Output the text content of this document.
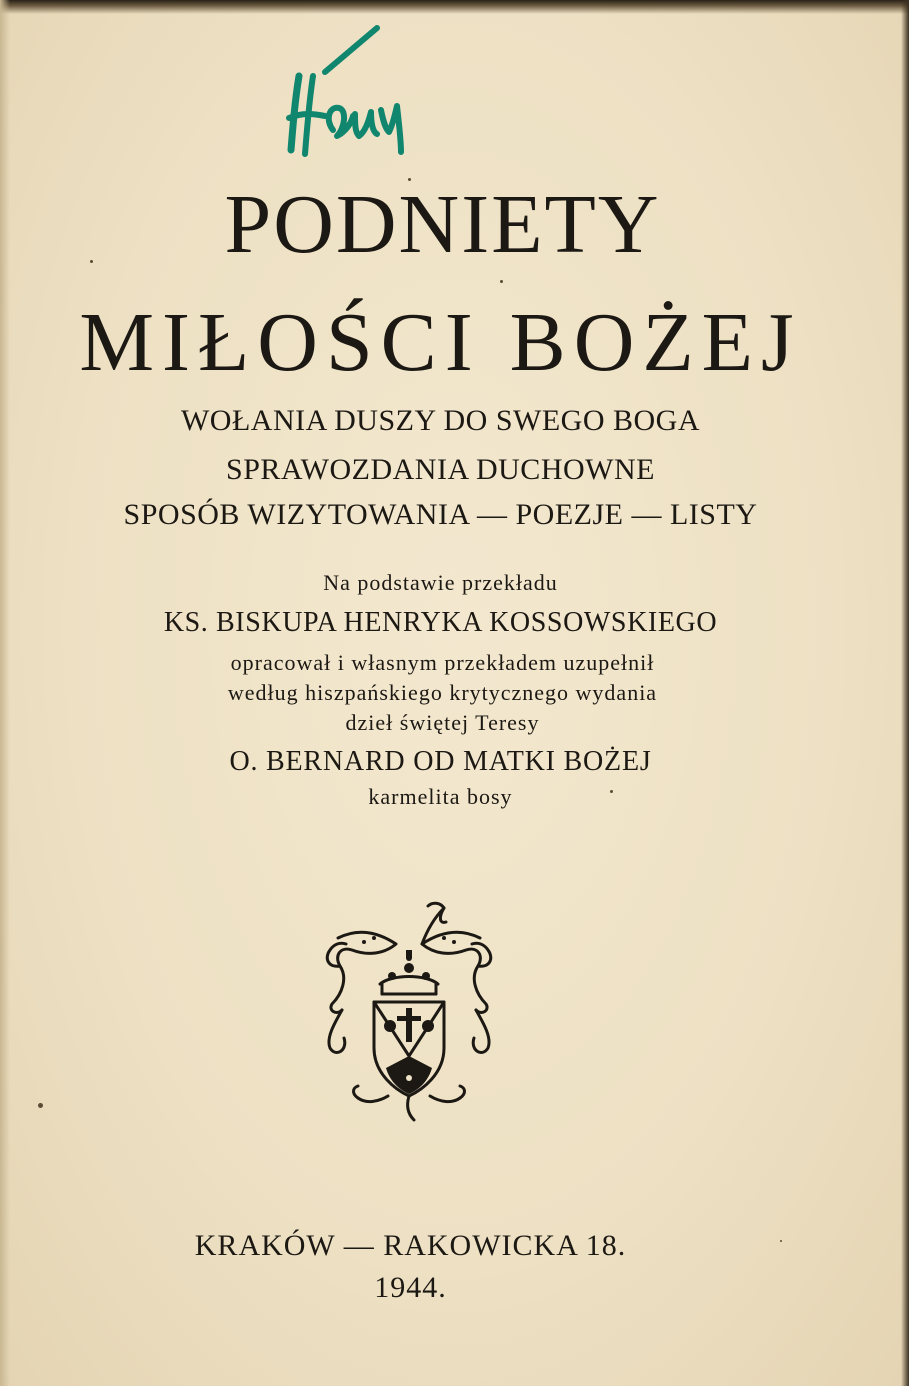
PODNIETY
MIŁOŚCI BOŻEJ

WOŁANIA DUSZY DO SWEGO BOGA

SPRAWOZDANIA DUCHOWNE

SPOSÓB WIZYTOWANIA — POEZJE — LISTY

Na podstawie przekładu

KS. BISKUPA HENRYKA KOSSOWSKIEGO

opracował i własnym przekładem uzupełnił

według hiszpańskiego krytycznego wydania

dzieł świętej Teresy

O. BERNARD OD MATKI BOŻEJ

karmelita bosy

KRAKÓW — RAKOWICKA 18.

1944.
